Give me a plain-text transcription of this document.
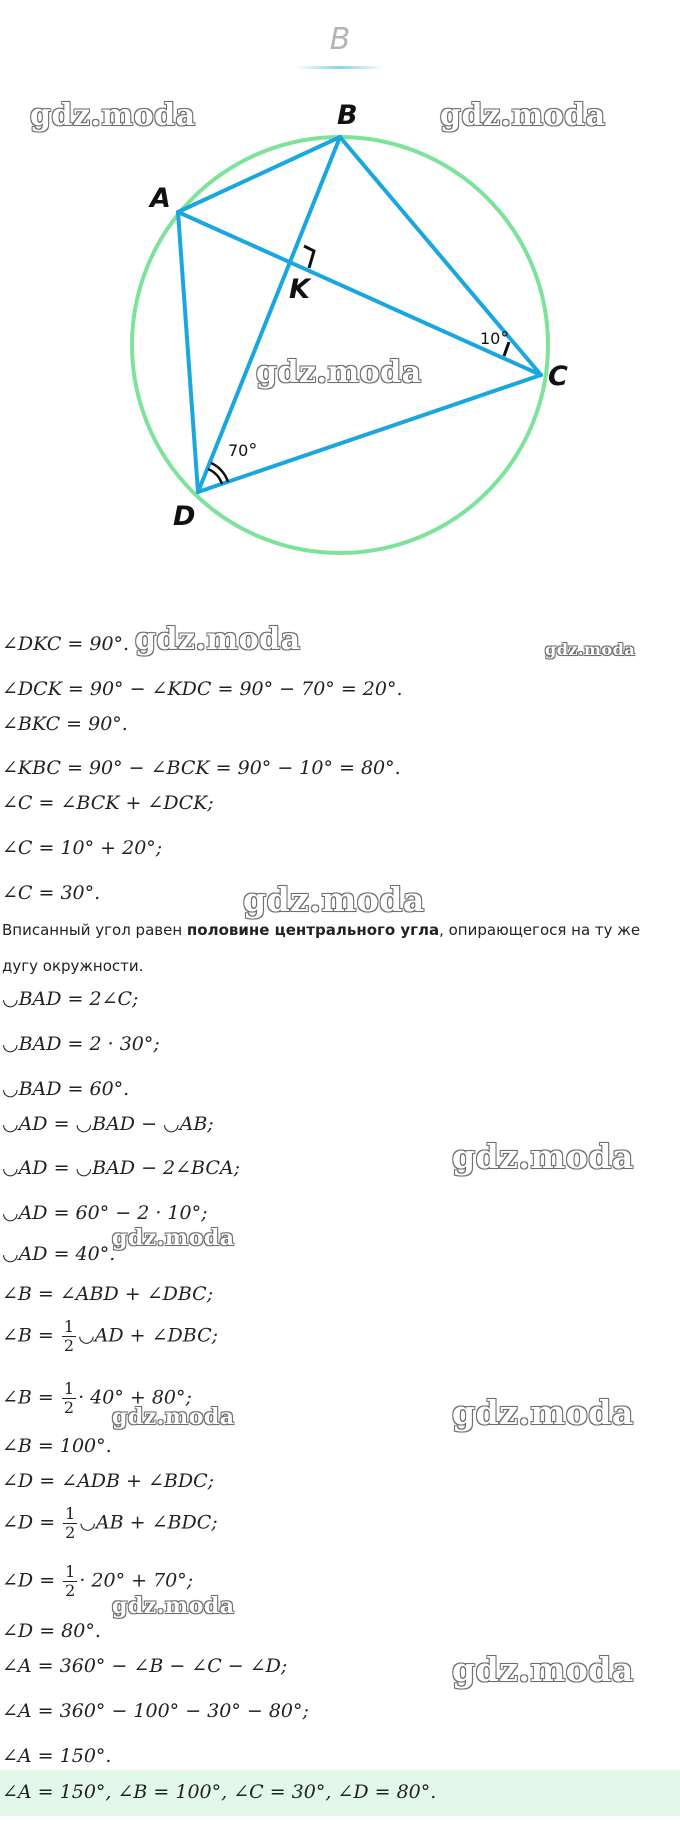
B
A
B
C
D
K
10°
70°
gdz.moda	gdz.moda
gdz.moda
gdz.moda	gdz.moda
gdz.moda
gdz.moda
gdz.moda
gdz.moda
gdz.moda
gdz.moda
gdz.moda
∠DKC = 90°.
∠DCK = 90° − ∠KDC = 90° − 70° = 20°.
∠BKC = 90°.
∠KBC = 90° − ∠BCK = 90° − 10° = 80°.
∠C = ∠BCK + ∠DCK;
∠C = 10° + 20°;
∠C = 30°.
Вписанный угол равен половине центрального угла, опирающегося на ту же дугу окружности.
◡BAD = 2∠C;
◡BAD = 2 · 30°;
◡BAD = 60°.
◡AD = ◡BAD − ◡AB;
◡AD = ◡BAD − 2∠BCA;
◡AD = 60° − 2 · 10°;
◡AD = 40°.
∠B = ∠ABD + ∠DBC;
∠B = $\frac{1}{2}$ ◡AD + ∠DBC;
∠B = $\frac{1}{2} \cdot 40^\circ + 80^\circ$;
∠B = 100°.
∠D = ∠ADB + ∠BDC;
∠D = $\frac{1}{2}$ ◡AB + ∠BDC;
∠D = $\frac{1}{2} \cdot 20^\circ + 70^\circ$;
∠D = 80°.
∠A = 360° − ∠B − ∠C − ∠D;
∠A = 360° − 100° − 30° − 80°;
∠A = 150°.
∠A = 150°, ∠B = 100°, ∠C = 30°, ∠D = 80°.
